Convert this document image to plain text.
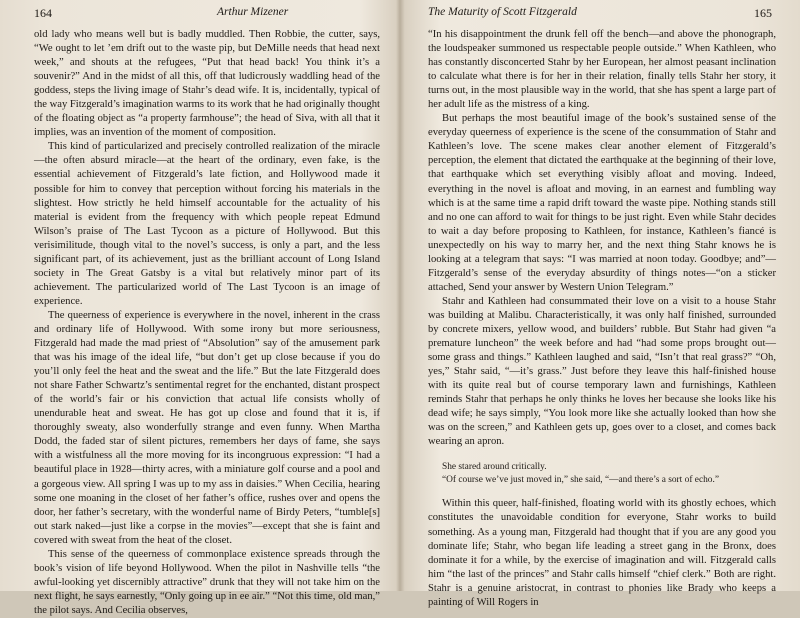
164	Arthur Mizener

old lady who means well but is badly muddled. Then Robbie, the cutter, says, “We ought to let ’em drift out to the waste pip, but DeMille needs that head next week,” and shouts at the refugees, “Put that head back! You think it’s a souvenir?” And in the midst of all this, off that ludicrously waddling head of the goddess, steps the living image of Stahr’s dead wife. It is, incidentally, typical of the way Fitzgerald’s imagination warms to its work that he had originally thought of the floating object as “a property farmhouse”; the head of Siva, with all that it implies, was an invention of the moment of composition.

This kind of particularized and precisely controlled realization of the miracle—the often absurd miracle—at the heart of the ordinary, even fake, is the essential achievement of Fitzgerald’s late fiction, and Hollywood made it possible for him to convey that perception without forcing his materials in the slightest. How strictly he held himself accountable for the actuality of his material is evident from the frequency with which people repeat Edmund Wilson’s praise of The Last Tycoon as a picture of Hollywood. But this verisimilitude, though vital to the novel’s success, is only a part, and the less significant part, of its achievement, just as the brilliant account of Long Island society in The Great Gatsby is a vital but relatively minor part of its achievement. The particularized world of The Last Tycoon is an image of experience.

The queerness of experience is everywhere in the novel, inherent in the crass and ordinary life of Hollywood. With some irony but more seriousness, Fitzgerald had made the mad priest of “Absolution” say of the amusement park that was his image of the ideal life, “but don’t get up close because if you do you’ll only feel the heat and the sweat and the life.” But the late Fitzgerald does not share Father Schwartz’s sentimental regret for the enchanted, distant prospect of the world’s fair or his conviction that actual life consists wholly of unendurable heat and sweat. He has got up close and found that it is, if thoroughly sweaty, also wonderfully strange and even funny. When Martha Dodd, the faded star of silent pictures, remembers her days of fame, she says with a wistfulness all the more moving for its incongruous expression: “I had a beautiful place in 1928—thirty acres, with a miniature golf course and a pool and a gorgeous view. All spring I was up to my ass in daisies.” When Cecilia, hearing some one moaning in the closet of her father’s office, rushes over and opens the door, her father’s secretary, with the wonderful name of Birdy Peters, “tumble[s] out stark naked—just like a corpse in the movies”—except that she is faint and covered with sweat from the heat of the closet.

This sense of the queerness of commonplace existence spreads through the book’s vision of life beyond Hollywood. When the pilot in Nashville tells “the awful-looking yet discernibly attractive” drunk that they will not take him on the next flight, he says earnestly, “Only going up in ee air.” “Not this time, old man,” the pilot says. And Cecilia observes,

The Maturity of Scott Fitzgerald	165

“In his disappointment the drunk fell off the bench—and above the phonograph, the loudspeaker summoned us respectable people outside.” When Kathleen, who has constantly disconcerted Stahr by her European, her almost peasant inclination to calculate what there is for her in their relation, finally tells Stahr her story, it turns out, in the most plausible way in the world, that she has spent a large part of her adult life as the mistress of a king.

But perhaps the most beautiful image of the book’s sustained sense of the everyday queerness of experience is the scene of the consummation of Stahr and Kathleen’s love. The scene makes clear another element of Fitzgerald’s perception, the element that dictated the earthquake at the beginning of their love, that earthquake which set everything visibly afloat and moving. Indeed, everything in the novel is afloat and moving, in an earnest and fumbling way which is at the same time a rapid drift toward the waste pipe. Nothing stands still and no one can afford to wait for things to be just right. Even while Stahr decides to wait a day before proposing to Kathleen, for instance, Kathleen’s fiancé is unexpectedly on his way to marry her, and the next thing Stahr knows he is looking at a telegram that says: “I was married at noon today. Goodbye; and”—Fitzgerald’s sense of the everyday absurdity of things notes—“on a sticker attached, Send your answer by Western Union Telegram.”

Stahr and Kathleen had consummated their love on a visit to a house Stahr was building at Malibu. Characteristically, it was only half finished, surrounded by concrete mixers, yellow wood, and builders’ rubble. But Stahr had given “a premature luncheon” the week before and had “had some props brought out—some grass and things.” Kathleen laughed and said, “Isn’t that real grass?” “Oh, yes,” Stahr said, “—it’s grass.” Just before they leave this half-finished house with its quite real but of course temporary lawn and furnishings, Kathleen reminds Stahr that perhaps he only thinks he loves her because she looks like his dead wife; he says simply, “You look more like she actually looked than how she was on the screen,” and Kathleen gets up, goes over to a closet, and comes back wearing an apron.

She stared around critically.
“Of course we’ve just moved in,” she said, “—and there’s a sort of echo.”

Within this queer, half-finished, floating world with its ghostly echoes, which constitutes the unavoidable condition for everyone, Stahr works to build something. As a young man, Fitzgerald had thought that if you are any good you dominate life; Stahr, who began life leading a street gang in the Bronx, does dominate it for a while, by the exercise of imagination and will. Fitzgerald calls him “the last of the princes” and Stahr calls himself “chief clerk.” Both are right. Stahr is a genuine aristocrat, in contrast to phonies like Brady who keeps a painting of Will Rogers in
